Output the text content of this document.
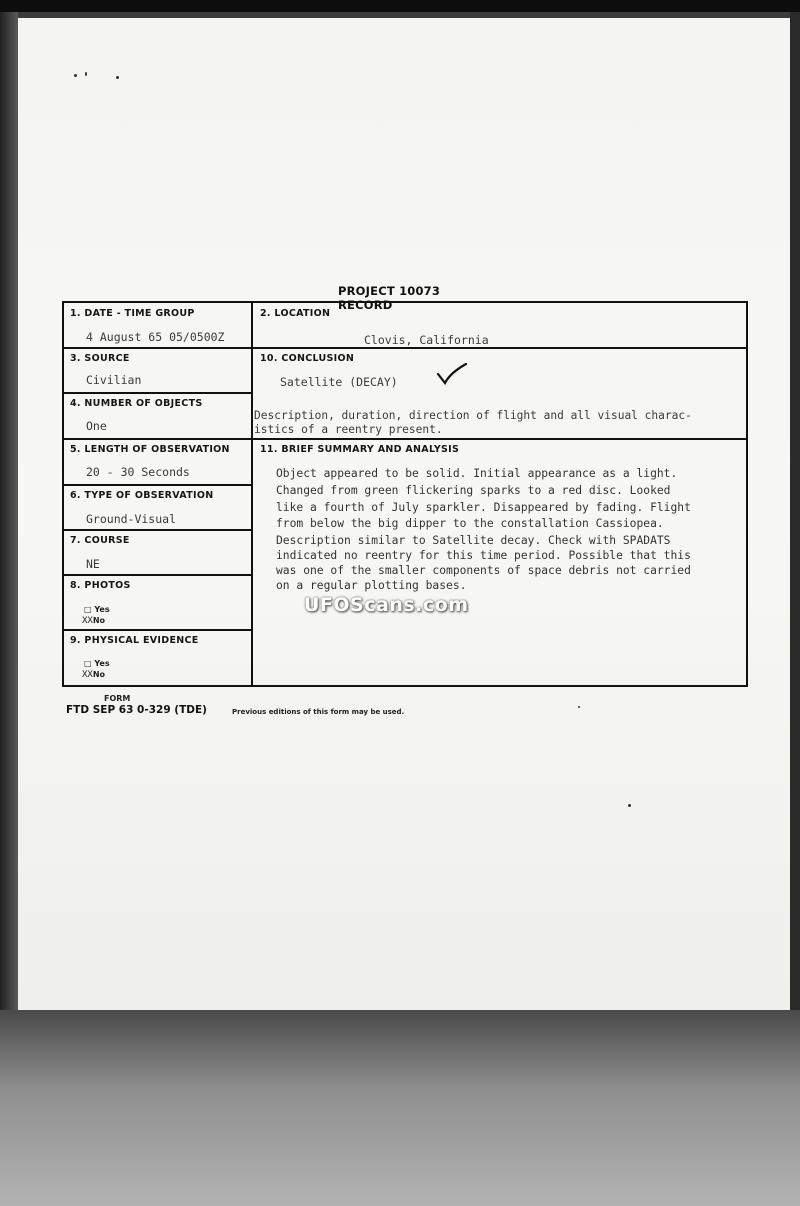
PROJECT 10073 RECORD
1. DATE - TIME GROUP
4 August 65 05/0500Z
2. LOCATION
Clovis, California
3. SOURCE
Civilian
10. CONCLUSION
Satellite (DECAY)
4. NUMBER OF OBJECTS
One
Description, duration, direction of flight and all visual charac-
istics of a reentry present.
5. LENGTH OF OBSERVATION
20 - 30 Seconds
11. BRIEF SUMMARY AND ANALYSIS
6. TYPE OF OBSERVATION
Ground-Visual
7. COURSE
NE
8. PHOTOS
□ Yes
XXNo
9. PHYSICAL EVIDENCE
□ Yes
XXNo
Object appeared to be solid. Initial appearance as a light.
Changed from green flickering sparks to a red disc. Looked
like a fourth of July sparkler. Disappeared by fading. Flight
from below the big dipper to the constallation Cassiopea.
Description similar to Satellite decay. Check with SPADATS
indicated no reentry for this time period. Possible that this
was one of the smaller components of space debris not carried
on a regular plotting bases.
FORM
FTD SEP 63 0-329 (TDE)	Previous editions of this form may be used.
UFOScans.com
